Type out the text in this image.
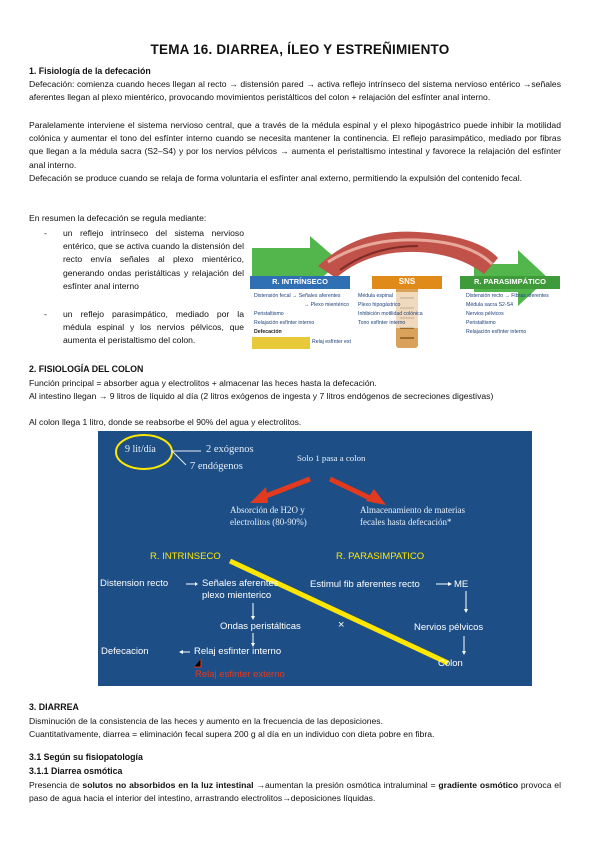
TEMA 16. DIARREA, ÍLEO Y ESTREÑIMIENTO
1. Fisiología de la defecación
Defecación: comienza cuando heces llegan al recto → distensión pared → activa reflejo intrínseco del sistema nervioso entérico →señales aferentes llegan al plexo mientérico, provocando movimientos peristálticos del colon + relajación del esfínter anal interno.
Paralelamente interviene el sistema nervioso central, que a través de la médula espinal y el plexo hipogástrico puede inhibir la motilidad colónica y aumentar el tono del esfínter interno cuando se necesita mantener la continencia. El reflejo parasimpático, mediado por fibras que llegan a la médula sacra (S2–S4) y por los nervios pélvicos → aumenta el peristaltismo intestinal y favorece la relajación del esfínter anal interno.
Defecación se produce cuando se relaja de forma voluntaria el esfínter anal externo, permitiendo la expulsión del contenido fecal.
En resumen la defecación se regula mediante:
- un reflejo intrínseco del sistema nervioso entérico, que se activa cuando la distensión del recto envía señales al plexo mientérico, generando ondas peristálticas y relajación del esfínter anal interno
- un reflejo parasimpático, mediado por la médula espinal y los nervios pélvicos, que aumenta el peristaltismo del colon.
R. INTRÍNSECO	SNS	R. PARASIMPÁTICO
Distensión fecal → Señales aferentes
→ Plexo mientérico
Peristaltismo
Relajación esfínter interno
Defecación
Relaj esfínter ext
Médula espinal
Plexo hipogástrico
Inhibición motilidad colónica
Tono esfínter interno
Distensión recto → Fibras aferentes
Médula sacra S2-S4
Nervios pélvicos
Peristaltismo
Relajación esfínter interno
2. FISIOLOGÍA DEL COLON
Función principal = absorber agua y electrolitos + almacenar las heces hasta la defecación.
Al intestino llegan → 9 litros de líquido al día (2 litros exógenos de ingesta y 7 litros endógenos de secreciones digestivas)
Al colon llega 1 litro, donde se reabsorbe el 90% del agua y electrolitos.
9 lit/día	2 exógenos
7 endógenos
Solo 1 pasa a colon
Absorción de H2O y
electrolitos (80-90%)
Almacenamiento de materias
fecales hasta defecación*
R. INTRINSECO	R. PARASIMPATICO
Distension recto	Señales aferentes
plexo mienterico
Ondas peristálticas
Defecacion	Relaj esfinter interno
Relaj esfinter externo
Estimul fib aferentes recto	ME
×	Nervios pélvicos
Colon
3. DIARREA
Disminución de la consistencia de las heces y aumento en la frecuencia de las deposiciones.
Cuantitativamente, diarrea = eliminación fecal supera 200 g al día en un individuo con dieta pobre en fibra.
3.1 Según su fisiopatología
3.1.1 Diarrea osmótica
Presencia de solutos no absorbidos en la luz intestinal →aumentan la presión osmótica intraluminal = gradiente osmótico provoca el paso de agua hacia el interior del intestino, arrastrando electrolitos→deposiciones líquidas.
